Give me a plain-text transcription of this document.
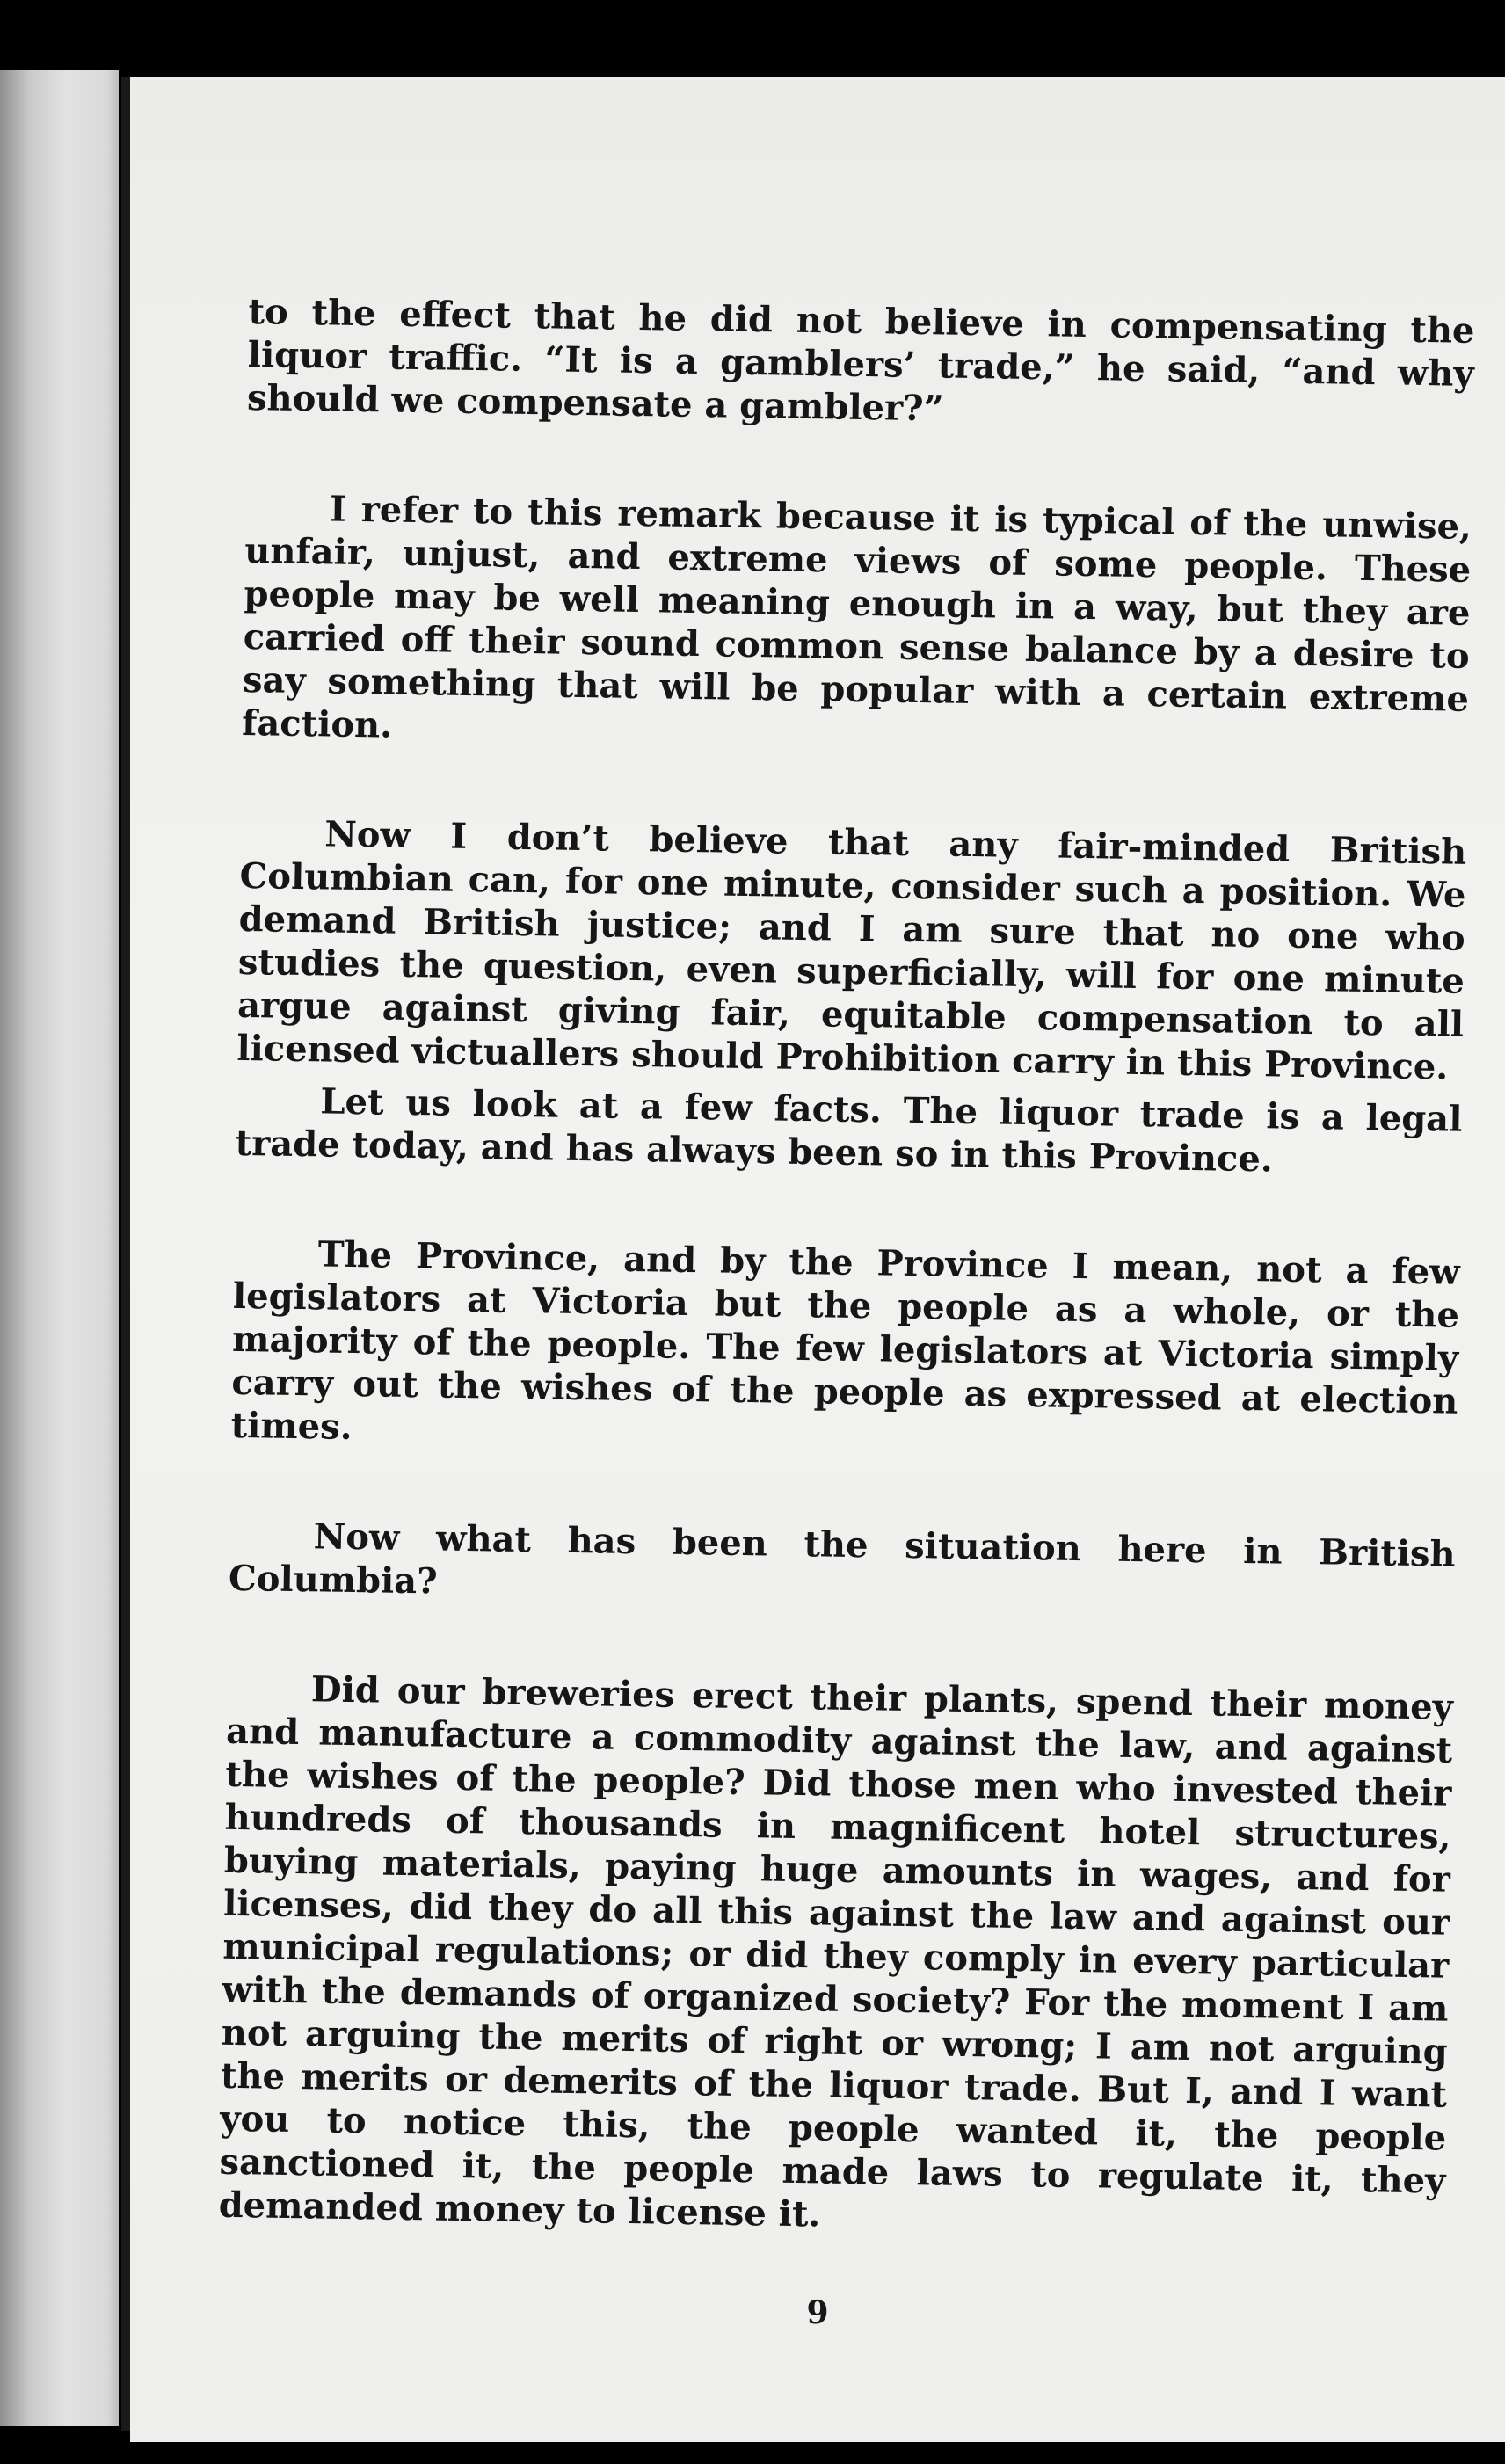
to the effect that he did not believe in compensating the liquor traffic. “It is a gamblers’ trade,” he said, “and why should we compensate a gambler?”

I refer to this remark because it is typical of the unwise, unfair, unjust, and extreme views of some people. These people may be well meaning enough in a way, but they are carried off their sound common sense balance by a desire to say something that will be popular with a certain extreme faction.

Now I don’t believe that any fair-minded British Columbian can, for one minute, consider such a position. We demand British justice; and I am sure that no one who studies the question, even superficially, will for one minute argue against giving fair, equitable compensation to all licensed victuallers should Prohibition carry in this Province.

Let us look at a few facts. The liquor trade is a legal trade today, and has always been so in this Province.

The Province, and by the Province I mean, not a few legislators at Victoria but the people as a whole, or the majority of the people. The few legislators at Victoria simply carry out the wishes of the people as expressed at election times.

Now what has been the situation here in British Columbia?

Did our breweries erect their plants, spend their money and manufacture a commodity against the law, and against the wishes of the people? Did those men who invested their hundreds of thousands in magnificent hotel structures, buying materials, paying huge amounts in wages, and for licenses, did they do all this against the law and against our municipal regulations; or did they comply in every particular with the demands of organized society? For the moment I am not arguing the merits of right or wrong; I am not arguing the merits or demerits of the liquor trade. But I, and I want you to notice this, the people wanted it, the people sanctioned it, the people made laws to regulate it, they demanded money to license it.

9
